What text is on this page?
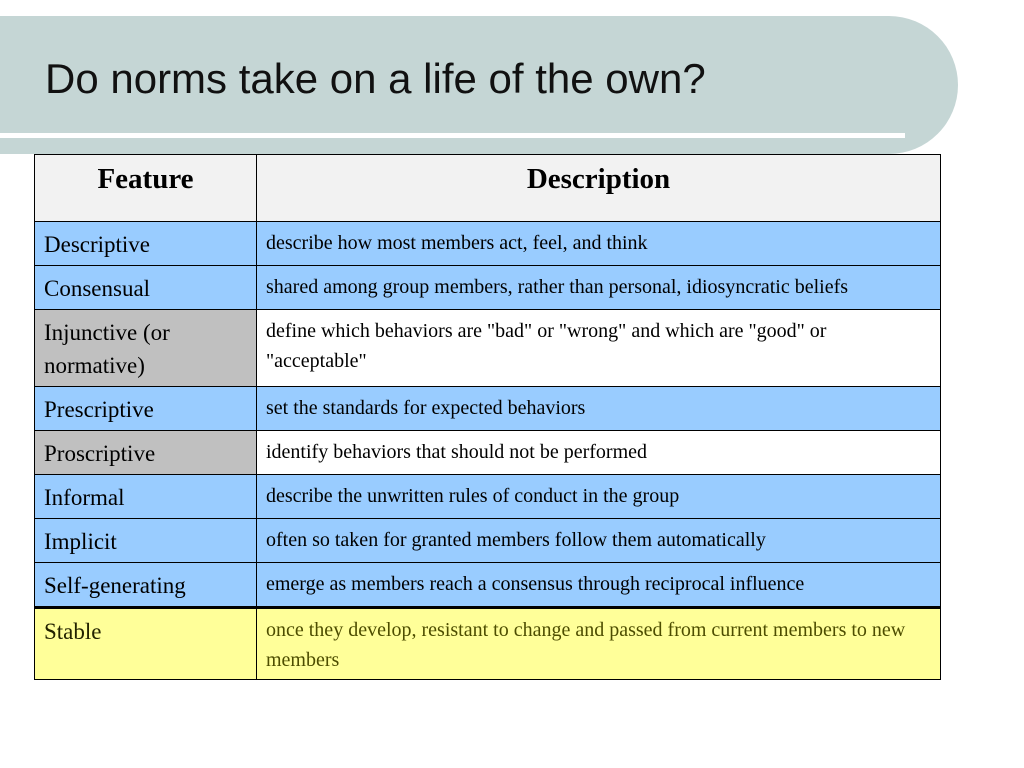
Do norms take on a life of the own?
Feature	Description
Descriptive	describe how most members act, feel, and think
Consensual	shared among group members, rather than personal, idiosyncratic beliefs
Injunctive (or normative)	define which behaviors are "bad" or "wrong" and which are "good" or "acceptable"
Prescriptive	set the standards for expected behaviors
Proscriptive	identify behaviors that should not be performed
Informal	describe the unwritten rules of conduct in the group
Implicit	often so taken for granted members follow them automatically
Self-generating	emerge as members reach a consensus through reciprocal influence
Stable	once they develop, resistant to change and passed from current members to new members
